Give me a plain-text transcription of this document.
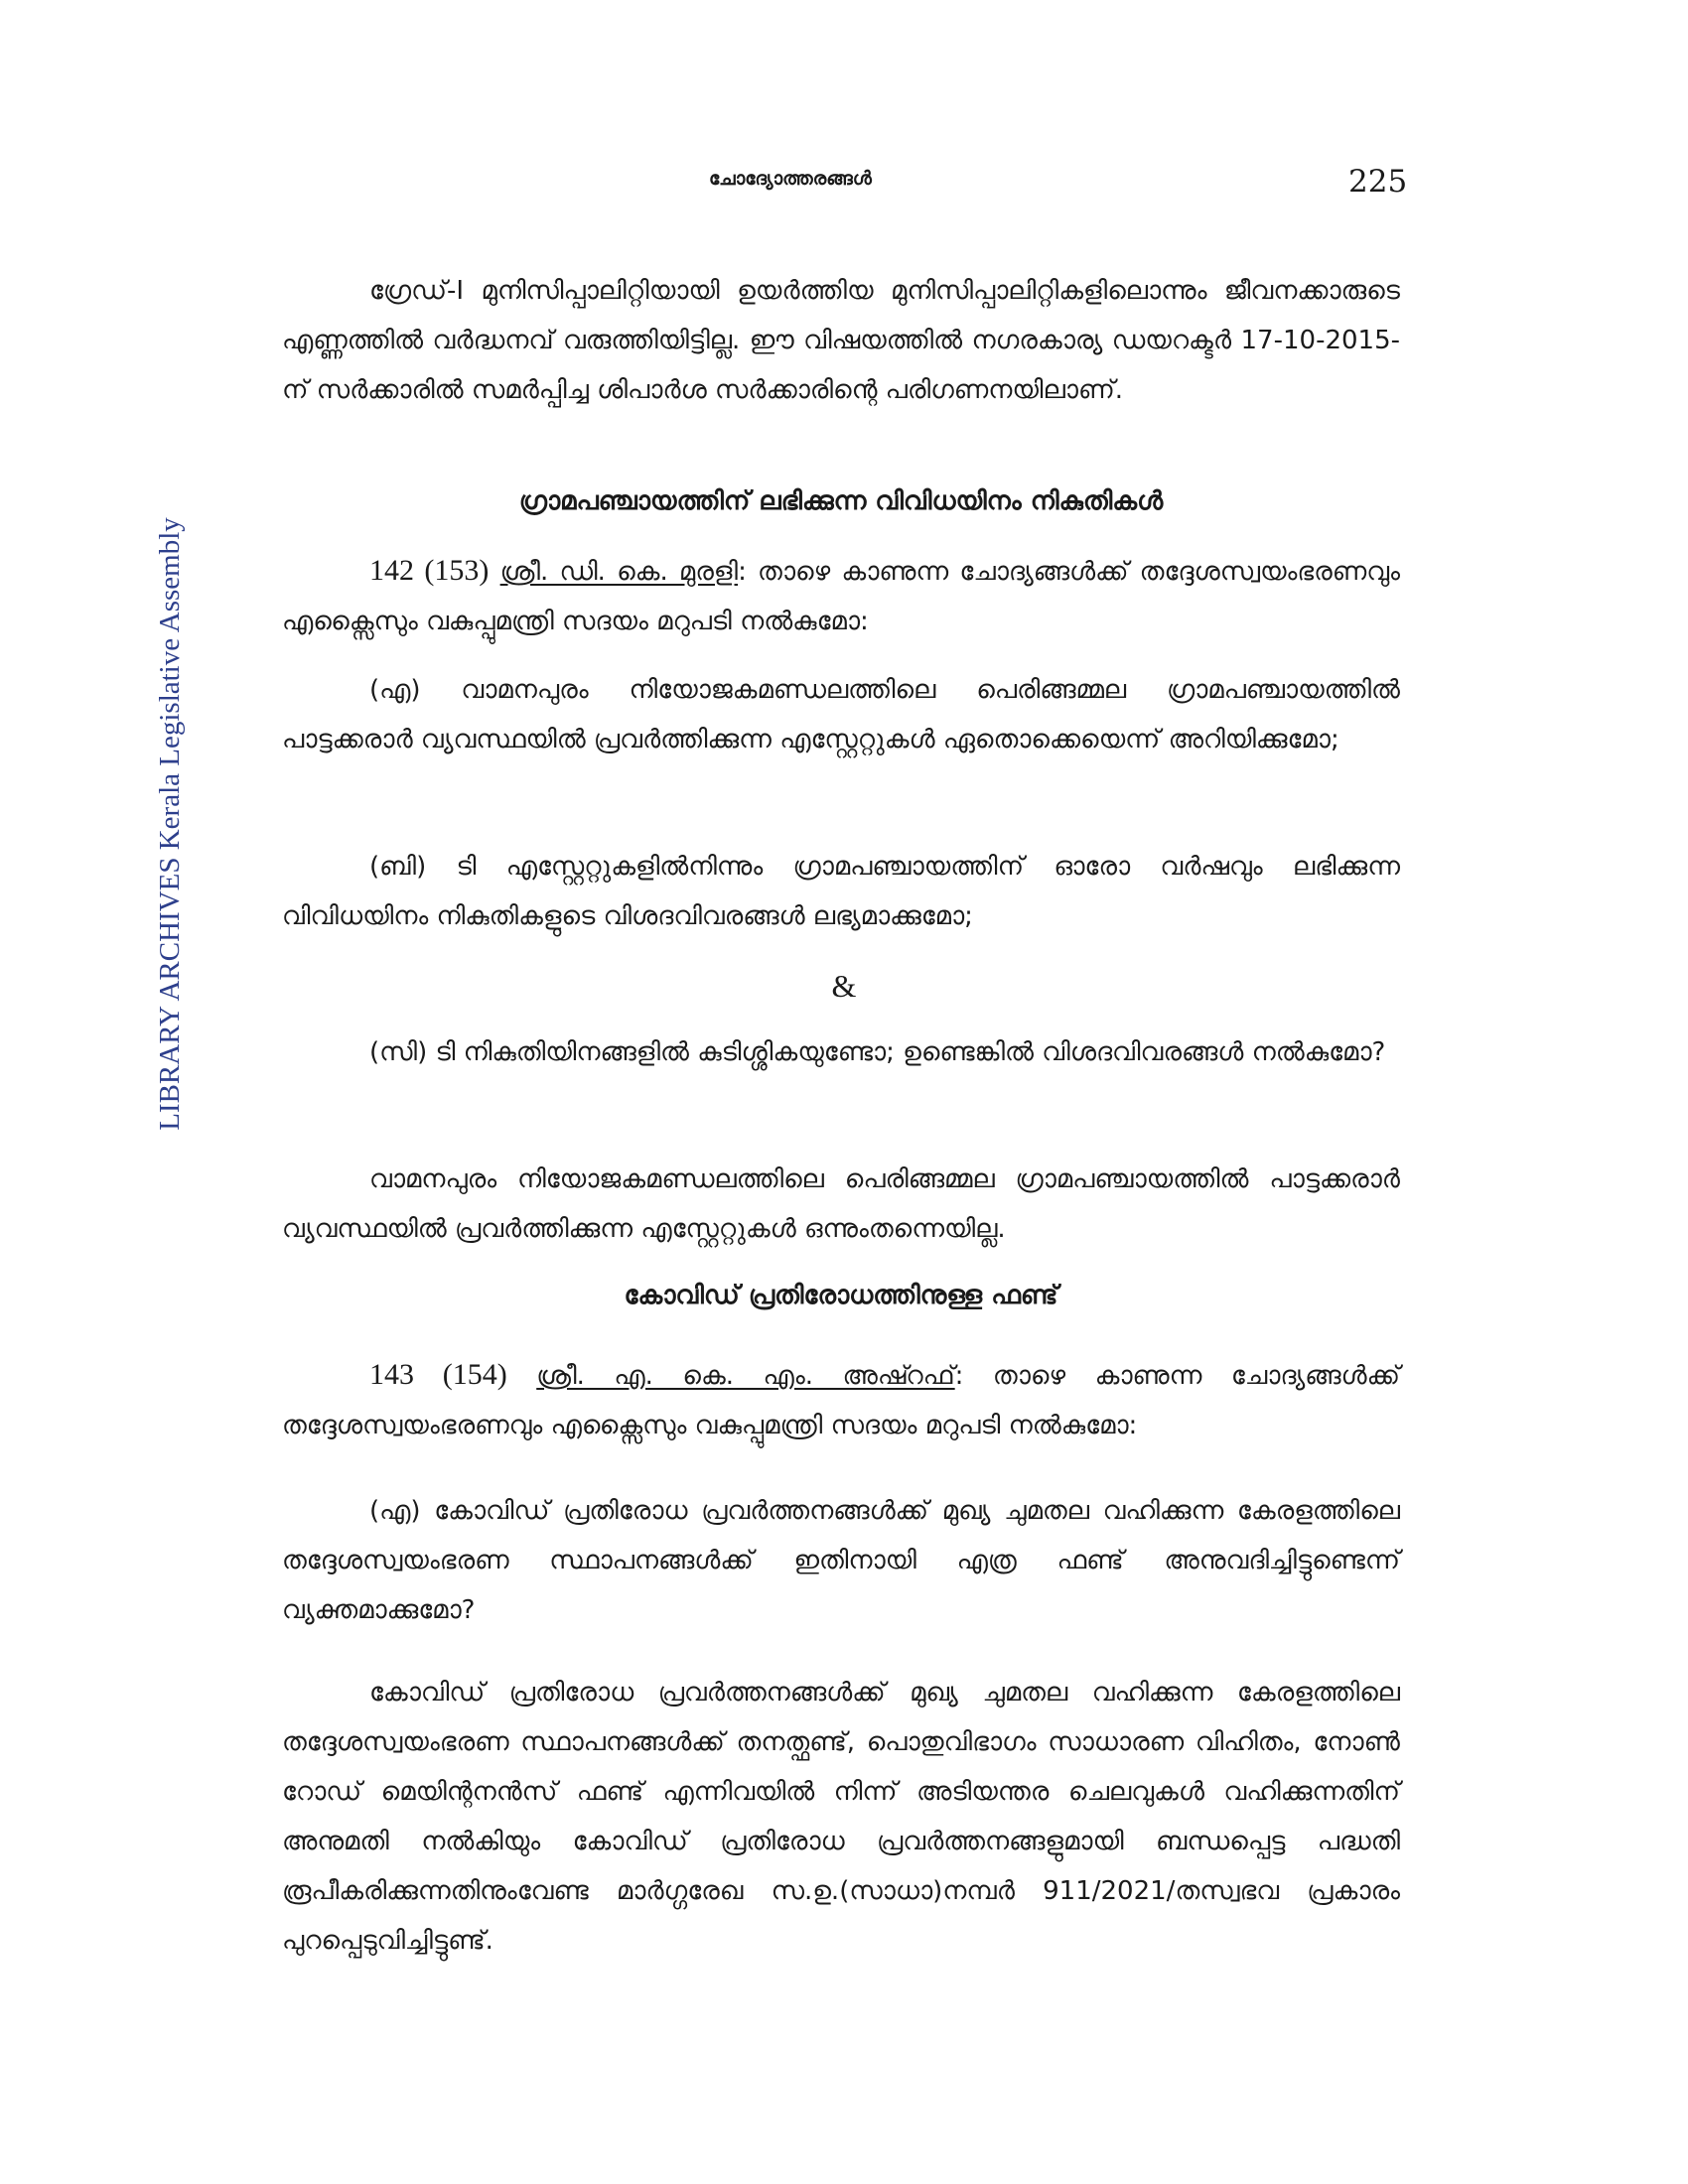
ചോദ്യോത്തരങ്ങൾ	225
LIBRARY ARCHIVES Kerala Legislative Assembly
ഗ്രേഡ്-I മുനിസിപ്പാലിറ്റിയായി ഉയർത്തിയ മുനിസിപ്പാലിറ്റികളിലൊന്നും ജീവനക്കാരുടെ എണ്ണത്തിൽ വർദ്ധനവ് വരുത്തിയിട്ടില്ല. ഈ വിഷയത്തിൽ നഗരകാര്യ ഡയറക്ടർ 17-10-2015-ന് സർക്കാരിൽ സമർപ്പിച്ച ശിപാർശ സർക്കാരിന്റെ പരിഗണനയിലാണ്.
ഗ്രാമപഞ്ചായത്തിന് ലഭിക്കുന്ന വിവിധയിനം നികുതികൾ
142 (153) ശ്രീ. ഡി. കെ. മുരളി: താഴെ കാണുന്ന ചോദ്യങ്ങൾക്ക് തദ്ദേശസ്വയംഭരണവും എക്സൈസും വകുപ്പുമന്ത്രി സദയം മറുപടി നൽകുമോ:
(എ) വാമനപുരം നിയോജകമണ്ഡലത്തിലെ പെരിങ്ങമ്മല ഗ്രാമപഞ്ചായത്തിൽ പാട്ടക്കരാർ വ്യവസ്ഥയിൽ പ്രവർത്തിക്കുന്ന എസ്റ്റേറ്റുകൾ ഏതൊക്കെയെന്ന് അറിയിക്കുമോ;
(ബി) ടി എസ്റ്റേറ്റുകളിൽനിന്നും ഗ്രാമപഞ്ചായത്തിന് ഓരോ വർഷവും ലഭിക്കുന്ന വിവിധയിനം നികുതികളുടെ വിശദവിവരങ്ങൾ ലഭ്യമാക്കുമോ;
&
(സി) ടി നികുതിയിനങ്ങളിൽ കുടിശ്ശികയുണ്ടോ; ഉണ്ടെങ്കിൽ വിശദവിവരങ്ങൾ നൽകുമോ?
വാമനപുരം നിയോജകമണ്ഡലത്തിലെ പെരിങ്ങമ്മല ഗ്രാമപഞ്ചായത്തിൽ പാട്ടക്കരാർ വ്യവസ്ഥയിൽ പ്രവർത്തിക്കുന്ന എസ്റ്റേറ്റുകൾ ഒന്നുംതന്നെയില്ല.
കോവിഡ് പ്രതിരോധത്തിനുള്ള ഫണ്ട്
143 (154) ശ്രീ. എ. കെ. എം. അഷ്റഫ്: താഴെ കാണുന്ന ചോദ്യങ്ങൾക്ക് തദ്ദേശസ്വയംഭരണവും എക്സൈസും വകുപ്പുമന്ത്രി സദയം മറുപടി നൽകുമോ:
(എ) കോവിഡ് പ്രതിരോധ പ്രവർത്തനങ്ങൾക്ക് മുഖ്യ ചുമതല വഹിക്കുന്ന കേരളത്തിലെ തദ്ദേശസ്വയംഭരണ സ്ഥാപനങ്ങൾക്ക് ഇതിനായി എത്ര ഫണ്ട് അനുവദിച്ചിട്ടുണ്ടെന്ന് വ്യക്തമാക്കുമോ?
കോവിഡ് പ്രതിരോധ പ്രവർത്തനങ്ങൾക്ക് മുഖ്യ ചുമതല വഹിക്കുന്ന കേരളത്തിലെ തദ്ദേശസ്വയംഭരണ സ്ഥാപനങ്ങൾക്ക് തനത്ഫണ്ട്, പൊതുവിഭാഗം സാധാരണ വിഹിതം, നോൺ റോഡ് മെയിന്റനൻസ് ഫണ്ട് എന്നിവയിൽ നിന്ന് അടിയന്തര ചെലവുകൾ വഹിക്കുന്നതിന് അനുമതി നൽകിയും കോവിഡ് പ്രതിരോധ പ്രവർത്തനങ്ങളുമായി ബന്ധപ്പെട്ട പദ്ധതി രൂപീകരിക്കുന്നതിനുംവേണ്ട മാർഗ്ഗരേഖ സ.ഉ.(സാധാ)നമ്പർ 911/2021/തസ്വഭവ പ്രകാരം പുറപ്പെടുവിച്ചിട്ടുണ്ട്.
